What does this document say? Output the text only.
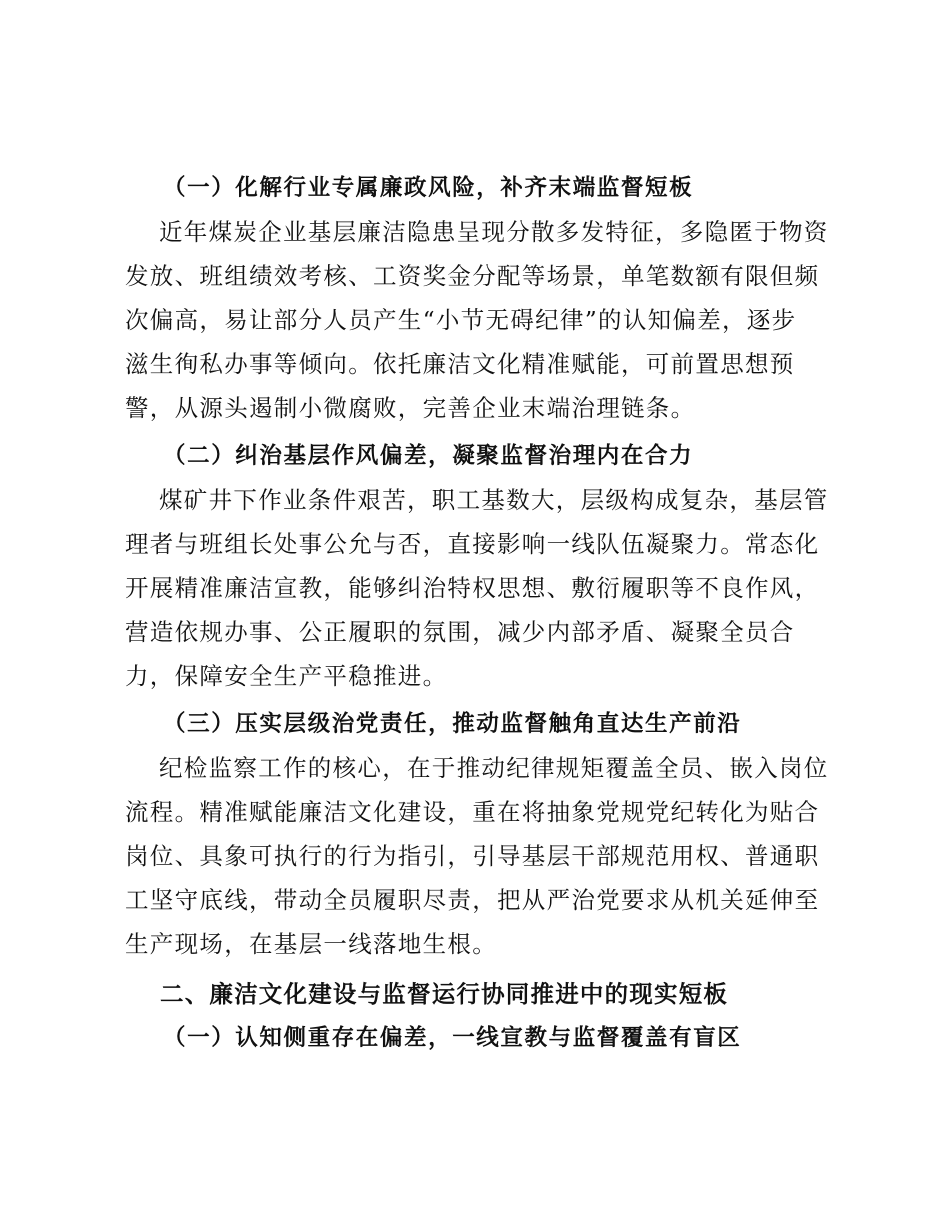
（一）化解行业专属廉政风险，补齐末端监督短板
近年煤炭企业基层廉洁隐患呈现分散多发特征，多隐匿于物资
发放、班组绩效考核、工资奖金分配等场景，单笔数额有限但频
次偏高，易让部分人员产生“小节无碍纪律”的认知偏差，逐步
滋生徇私办事等倾向。依托廉洁文化精准赋能，可前置思想预
警，从源头遏制小微腐败，完善企业末端治理链条。
（二）纠治基层作风偏差，凝聚监督治理内在合力
煤矿井下作业条件艰苦，职工基数大，层级构成复杂，基层管
理者与班组长处事公允与否，直接影响一线队伍凝聚力。常态化
开展精准廉洁宣教，能够纠治特权思想、敷衍履职等不良作风，
营造依规办事、公正履职的氛围，减少内部矛盾、凝聚全员合
力，保障安全生产平稳推进。
（三）压实层级治党责任，推动监督触角直达生产前沿
纪检监察工作的核心，在于推动纪律规矩覆盖全员、嵌入岗位
流程。精准赋能廉洁文化建设，重在将抽象党规党纪转化为贴合
岗位、具象可执行的行为指引，引导基层干部规范用权、普通职
工坚守底线，带动全员履职尽责，把从严治党要求从机关延伸至
生产现场，在基层一线落地生根。
二、廉洁文化建设与监督运行协同推进中的现实短板
（一）认知侧重存在偏差，一线宣教与监督覆盖有盲区
